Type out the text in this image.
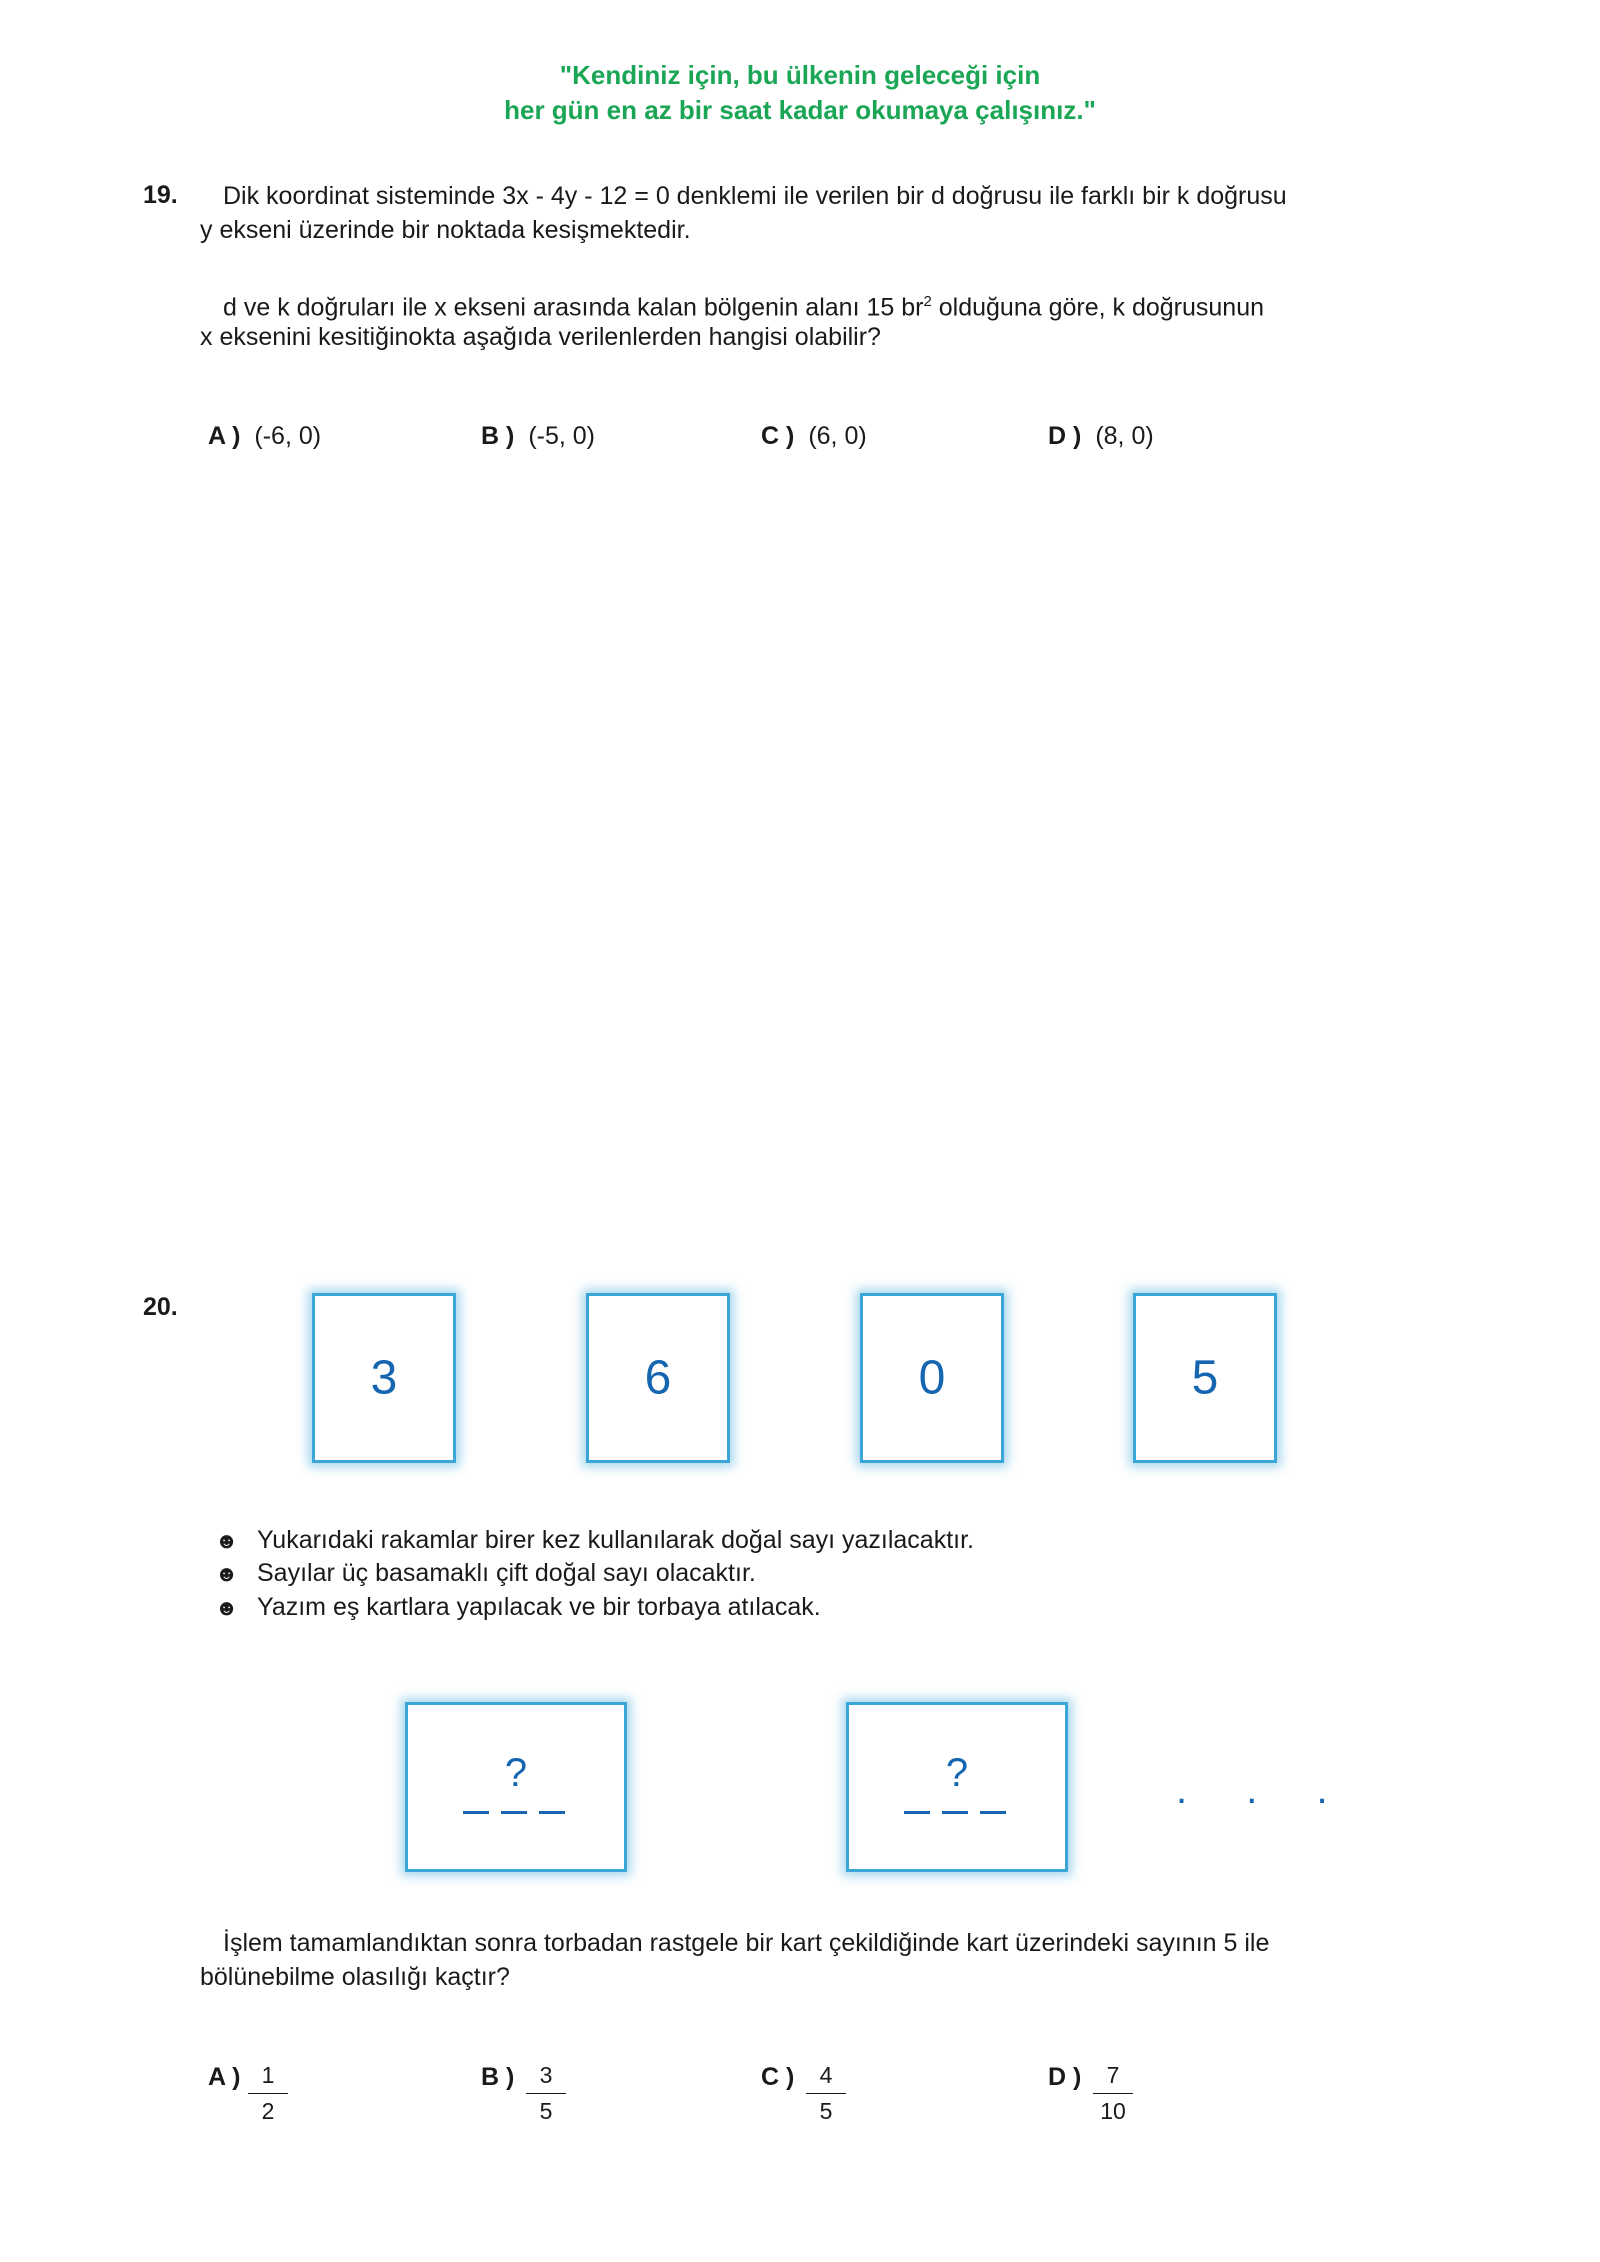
"Kendiniz için, bu ülkenin geleceği için
her gün en az bir saat kadar okumaya çalışınız."
19. Dik koordinat sisteminde 3x - 4y - 12 = 0 denklemi ile verilen bir d doğrusu ile farklı bir k doğrusu
y ekseni üzerinde bir noktada kesişmektedir.
d ve k doğruları ile x ekseni arasında kalan bölgenin alanı 15 $br^2$ olduğuna göre, k doğrusunun
x eksenini kesitiğinokta aşağıda verilenlerden hangisi olabilir?
A ) (-6, 0)	B ) (-5, 0)	C ) (6, 0)	D ) (8, 0)
20.
3	6	0	5
☻ Yukarıdaki rakamlar birer kez kullanılarak doğal sayı yazılacaktır.
☻ Sayılar üç basamaklı çift doğal sayı olacaktır.
☻ Yazım eş kartlara yapılacak ve bir torbaya atılacak.
?	?	. . .
İşlem tamamlandıktan sonra torbadan rastgele bir kart çekildiğinde kart üzerindeki sayının 5 ile
bölünebilme olasılığı kaçtır?
A ) $\frac{1}{2}$	B ) $\frac{3}{5}$	C ) $\frac{4}{5}$	D ) $\frac{7}{10}$
